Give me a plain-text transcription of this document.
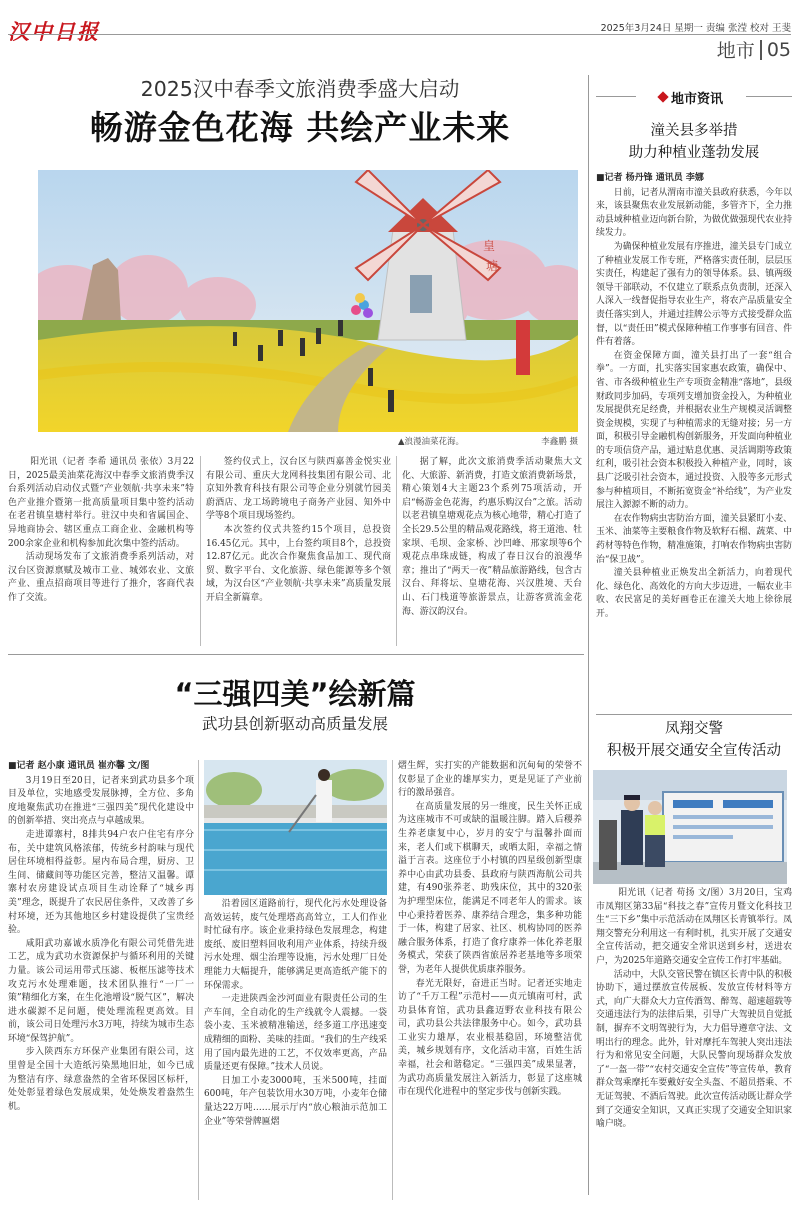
汉中日报	2025年3月24日 星期一 责编 张滢 校对 王斐
地市 05
2025汉中春季文旅消费季盛大启动
畅游金色花海 共绘产业未来
皇
塘
▲浪漫油菜花海。	李鑫鹏 摄

阳光讯（记者 李希 通讯员 张依）3月22日，2025最美油菜花海汉中春季文旅消费季汉台系列活动启动仪式暨“产业领航·共享未来”特色产业推介暨第一批高质量项目集中签约活动在老君镇皇塘村举行。驻汉中央和省属国企、异地商协会、辖区重点工商企业、金融机构等200余家企业和机构参加此次集中签约活动。

活动现场发布了文旅消费季系列活动，对汉台区资源禀赋及城市工业、城郊农业、文旅产业、重点招商项目等进行了推介，客商代表作了交流。

签约仪式上，汉台区与陕西嘉善金悦实业有限公司、重庆大龙网科技集团有限公司、北京知外教育科技有限公司等企业分别就竹园美蔚酒店、龙工场跨境电子商务产业园、知外中学等8个项目现场签约。

本次签约仪式共签约15个项目，总投资16.45亿元。其中，上台签约项目8个，总投资12.87亿元。此次合作聚焦食品加工、现代商贸、数字平台、文化旅游、绿色能源等多个领域，为汉台区“产业领航·共享未来”高质量发展开启全新篇章。

据了解，此次文旅消费季活动聚焦大文化、大旅游、新消费，打造文旅消费新场景，精心策划4大主题23个系列75项活动，开启“畅游金色花海，约惠乐购汉台”之旅。活动以老君镇皇塘观花点为核心地带，精心打造了全长29.5公里的精品观花路线，将王道池、牡家坝、毛坝、金家桥、沙凹峰、邢家坝等6个观花点串珠成链，构成了春日汉台的浪漫华章；推出了“两天一夜”精品旅游路线，包含古汉台、拜将坛、皇塘花海、兴汉胜境、天台山、石门栈道等旅游景点，让游客赏流金花海、游汉韵汉台。

地市资讯
潼关县多举措
助力种植业蓬勃发展
■记者 杨丹锋 通讯员 李娜

日前，记者从渭南市潼关县政府获悉，今年以来，该县聚焦农业发展新动能，多管齐下，全力推动县域种植业迈向新台阶，为做优做强现代农业持续发力。

为确保种植业发展有序推进，潼关县专门成立了种植业发展工作专班，严格落实责任制，层层压实责任，构建起了强有力的领导体系。县、镇两级领导干部联动，不仅建立了联系点负责制，还深入人深入一线督促指导农业生产，将农产品质量安全责任落实到人，并通过挂牌公示等方式接受群众监督，以“责任田”模式保障种植工作事事有回音、件件有着落。

在资金保障方面，潼关县打出了一套“组合拳”。一方面，扎实落实国家惠农政策，确保中、省、市各级种植业生产专项资金精准“落地”，县级财政同步加码，专项列支增加资金投入，为种植业发展提供充足经费，并根据农业生产规模灵活调整资金规模，实现了与种植需求的无缝对接；另一方面，积极引导金融机构创新服务，开发面向种植业的专项信贷产品，通过贴息优惠、灵活调期等政策红利，吸引社会资本积极投入种植产业，同时，该县广泛吸引社会资本，通过投资、入股等多元形式参与种植项目，不断拓宽资金“补给线”，为产业发展注入源源不断的动力。

在农作物病虫害防治方面，潼关县紧盯小麦、玉米、油菜等主要粮食作物及软籽石榴、蔬菜、中药材等特色作物，精准施策，打响农作物病虫害防治“保卫战”。

潼关县种植业正焕发出全新活力，向着现代化、绿色化、高效化的方向大步迈进，一幅农业丰收、农民富足的美好画卷正在潼关大地上徐徐展开。

凤翔交警
积极开展交通安全宣传活动

阳光讯（记者 苟扬 文/图）3月20日，宝鸡市凤翔区第33届“科技之春”宣传月暨文化科技卫生“三下乡”集中示范活动在凤翔区长青镇举行。凤翔交警充分利用这一有利时机，扎实开展了交通安全宣传活动，把交通安全常识送到乡村，送进农户，为2025年道路交通安全宣传工作打牢基础。

活动中，大队交管民警在镇区长青中队的积极协助下，通过摆放宣传展板、发放宣传材料等方式，向广大群众大力宣传酒驾、醉驾、超速超载等交通违法行为的法律后果，引导广大驾驶员自觉抵制，摒弃不文明驾驶行为，大力倡导遵章守法、文明出行的理念。此外，针对摩托车驾驶人突出违法行为和常见安全问题，大队民警向现场群众发放了“一盔一带”“农村交通安全宣传”等宣传单，教育群众驾乘摩托车要戴好安全头盔、不超员搭乘、不无证驾驶、不酒后驾驶。此次宣传活动既让群众学到了交通安全知识，又真正实现了交通安全知识家喻户晓。

“三强四美”绘新篇
武功县创新驱动高质量发展
■记者 赵小康 通讯员 崔亦馨 文/图

3月19日至20日，记者来到武功县多个项目及单位，实地感受发展脉搏，全方位、多角度地聚焦武功在推进“三强四美”现代化建设中的创新举措、突出亮点与卓越成果。

走进谭寨村，8排共94户农户住宅有序分布，关中建筑风格浓郁，传统乡村韵味与现代居住环境相得益彰。屋内布局合理，厨房、卫生间、储藏间等功能区完善，整洁又温馨。谭寨村农房建设试点项目生动诠释了“城乡再美”理念，既提升了农民居住条件，又改善了乡村环境，还为其他地区乡村建设提供了宝贵经验。

咸阳武功嘉诚水质净化有限公司凭借先进工艺，成为武功水资源保护与循环利用的关键力量。该公司运用带式压滤、板框压滤等技术攻克污水处理难题，技术团队推行“一厂一策”精细化方案，在生化池增设“脱气区”，解决进水碳源不足问题，使处理流程更高效。目前，该公司日处理污水3万吨，持续为城市生态环境“保驾护航”。

步入陕西东方环保产业集团有限公司，这里曾是全国十大造纸污染黑地旧址，如今已成为整洁有序、绿意盎然的全省环保园区标杆，处处彰显着绿色发展成果，处处焕发着盎然生机。

沿着园区道路前行，现代化污水处理设备高效运转，废气处理塔高高耸立，工人们作业时忙碌有序。该企业秉持绿色发展理念，构建废纸、废旧塑料回收利用产业体系，持续升级污水处理、烟尘治理等设施，污水处理厂日处理能力大幅提升，能够满足更高造纸产能下的环保需求。

一走进陕西金沙河面业有限责任公司的生产车间，全自动化的生产线就令人震撼。一袋袋小麦、玉米被精准输送，经多道工序迅速变成精细的面粉、美味的挂面。“我们的生产线采用了国内最先进的工艺，不仅效率更高，产品质量还更有保障。”技术人员说。

日加工小麦3000吨，玉米500吨，挂面600吨，年产包装饮用水30万吨，小麦年仓储量达22万吨……展示厅内“放心粮油示范加工企业”等荣誉牌匾熠

熠生辉，实打实的产能数据和沉甸甸的荣誉不仅彰显了企业的雄厚实力，更是见证了产业前行的激昂强音。

在高质量发展的另一维度，民生关怀正成为这座城市不可或缺的温暖注脚。踏入后稷养生养老康复中心，岁月的安宁与温馨扑面而来，老人们或下棋聊天，或晒太阳，幸福之情溢于言表。这座位于小村镇的四星级创新型康养中心由武功县委、县政府与陕西海航公司共建，有490张养老、助残床位，其中的320张为护理型床位，能满足不同老年人的需求。该中心秉持着医养、康养结合理念，集多种功能于一体，构建了居家、社区、机构协同的医养融合服务体系，打造了食疗康养一体化养老服务模式，荣获了陕西省旅居养老基地等多项荣誉，为老年人提供优质康养服务。

春光无限好，奋进正当时。记者还实地走访了“千万工程”示范村——贞元镇南可村，武功县体育馆，武功县鑫迈野农业科技有限公司，武功县公共法律服务中心。如今，武功县工业实力雄厚，农业根基稳固，环境整洁优美，城乡规划有序，文化活动丰富，百姓生活幸福，社会和谐稳定。“三强四美”成果显著，为武功高质量发展注入新活力，彰显了这座城市在现代化进程中的坚定步伐与创新实践。
